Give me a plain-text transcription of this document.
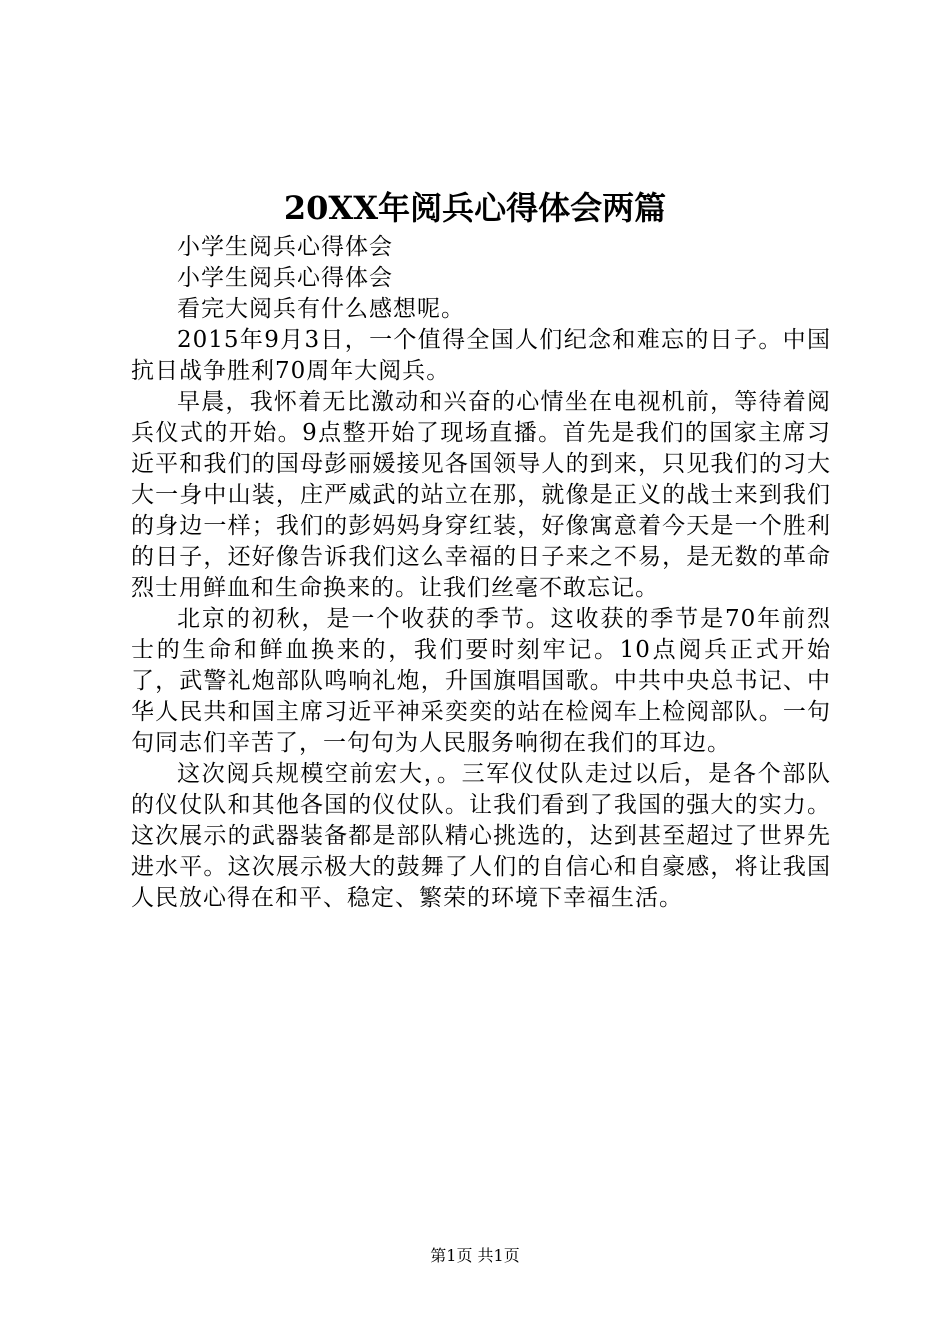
20XX年阅兵心得体会两篇

小学生阅兵心得体会

小学生阅兵心得体会

看完大阅兵有什么感想呢。

2015年9月3日，一个值得全国人们纪念和难忘的日子。中国抗日战争胜利70周年大阅兵。

早晨，我怀着无比激动和兴奋的心情坐在电视机前，等待着阅兵仪式的开始。9点整开始了现场直播。首先是我们的国家主席习近平和我们的国母彭丽媛接见各国领导人的到来，只见我们的习大大一身中山装，庄严威武的站立在那，就像是正义的战士来到我们的身边一样；我们的彭妈妈身穿红装，好像寓意着今天是一个胜利的日子，还好像告诉我们这么幸福的日子来之不易，是无数的革命烈士用鲜血和生命换来的。让我们丝毫不敢忘记。

北京的初秋，是一个收获的季节。这收获的季节是70年前烈士的生命和鲜血换来的，我们要时刻牢记。10点阅兵正式开始了，武警礼炮部队鸣响礼炮，升国旗唱国歌。中共中央总书记、中华人民共和国主席习近平神采奕奕的站在检阅车上检阅部队。一句句同志们辛苦了，一句句为人民服务响彻在我们的耳边。

这次阅兵规模空前宏大，。三军仪仗队走过以后，是各个部队的仪仗队和其他各国的仪仗队。让我们看到了我国的强大的实力。这次展示的武器装备都是部队精心挑选的，达到甚至超过了世界先进水平。这次展示极大的鼓舞了人们的自信心和自豪感，将让我国人民放心得在和平、稳定、繁荣的环境下幸福生活。

第1页 共1页
